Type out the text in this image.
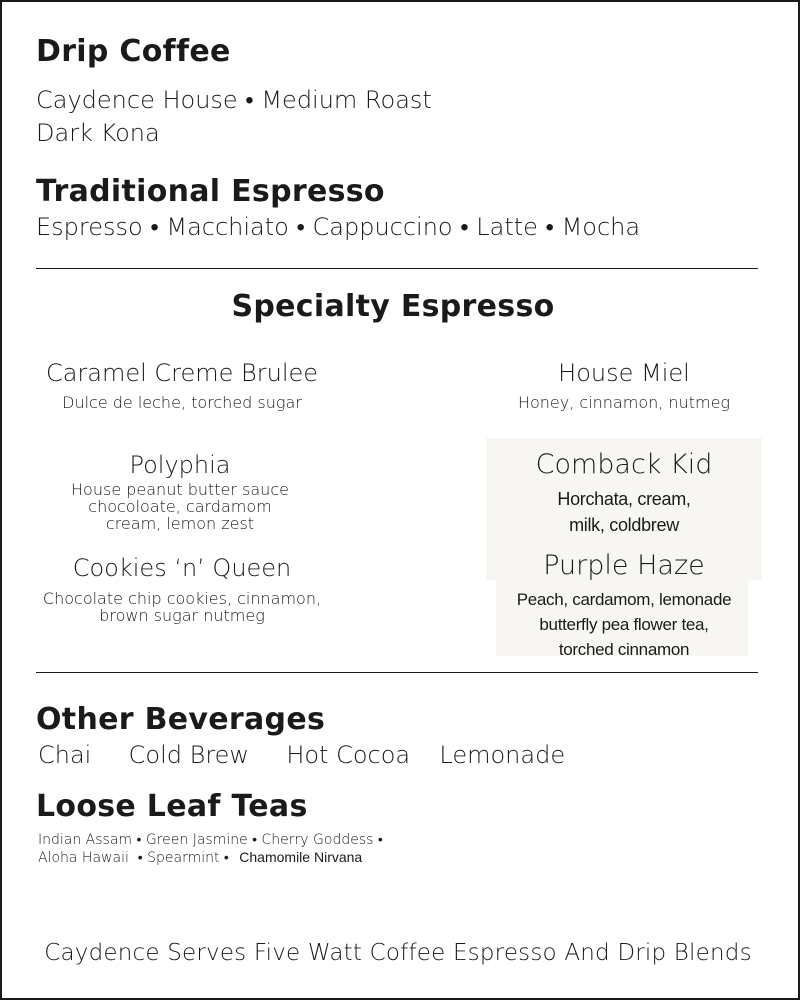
Drip Coffee
Caydence House • Medium Roast
Dark Kona
Traditional Espresso
Espresso • Macchiato • Cappuccino • Latte • Mocha
Specialty Espresso
Caramel Creme Brulee
Dulce de leche, torched sugar
Polyphia
House peanut butter sauce
chocoloate, cardamom
cream, lemon zest
Cookies ‘n’ Queen
Chocolate chip cookies, cinnamon,
brown sugar nutmeg
House Miel
Honey, cinnamon, nutmeg
Comback Kid
Horchata, cream,
milk, coldbrew
Purple Haze
Peach, cardamom, lemonade
butterfly pea flower tea,
torched cinnamon
Other Beverages
Chai Cold Brew Hot Cocoa Lemonade
Loose Leaf Teas
Indian Assam • Green Jasmine • Cherry Goddess •
Aloha Hawaii  • Spearmint • Chamomile Nirvana
Caydence Serves Five Watt Coffee Espresso And Drip Blends
